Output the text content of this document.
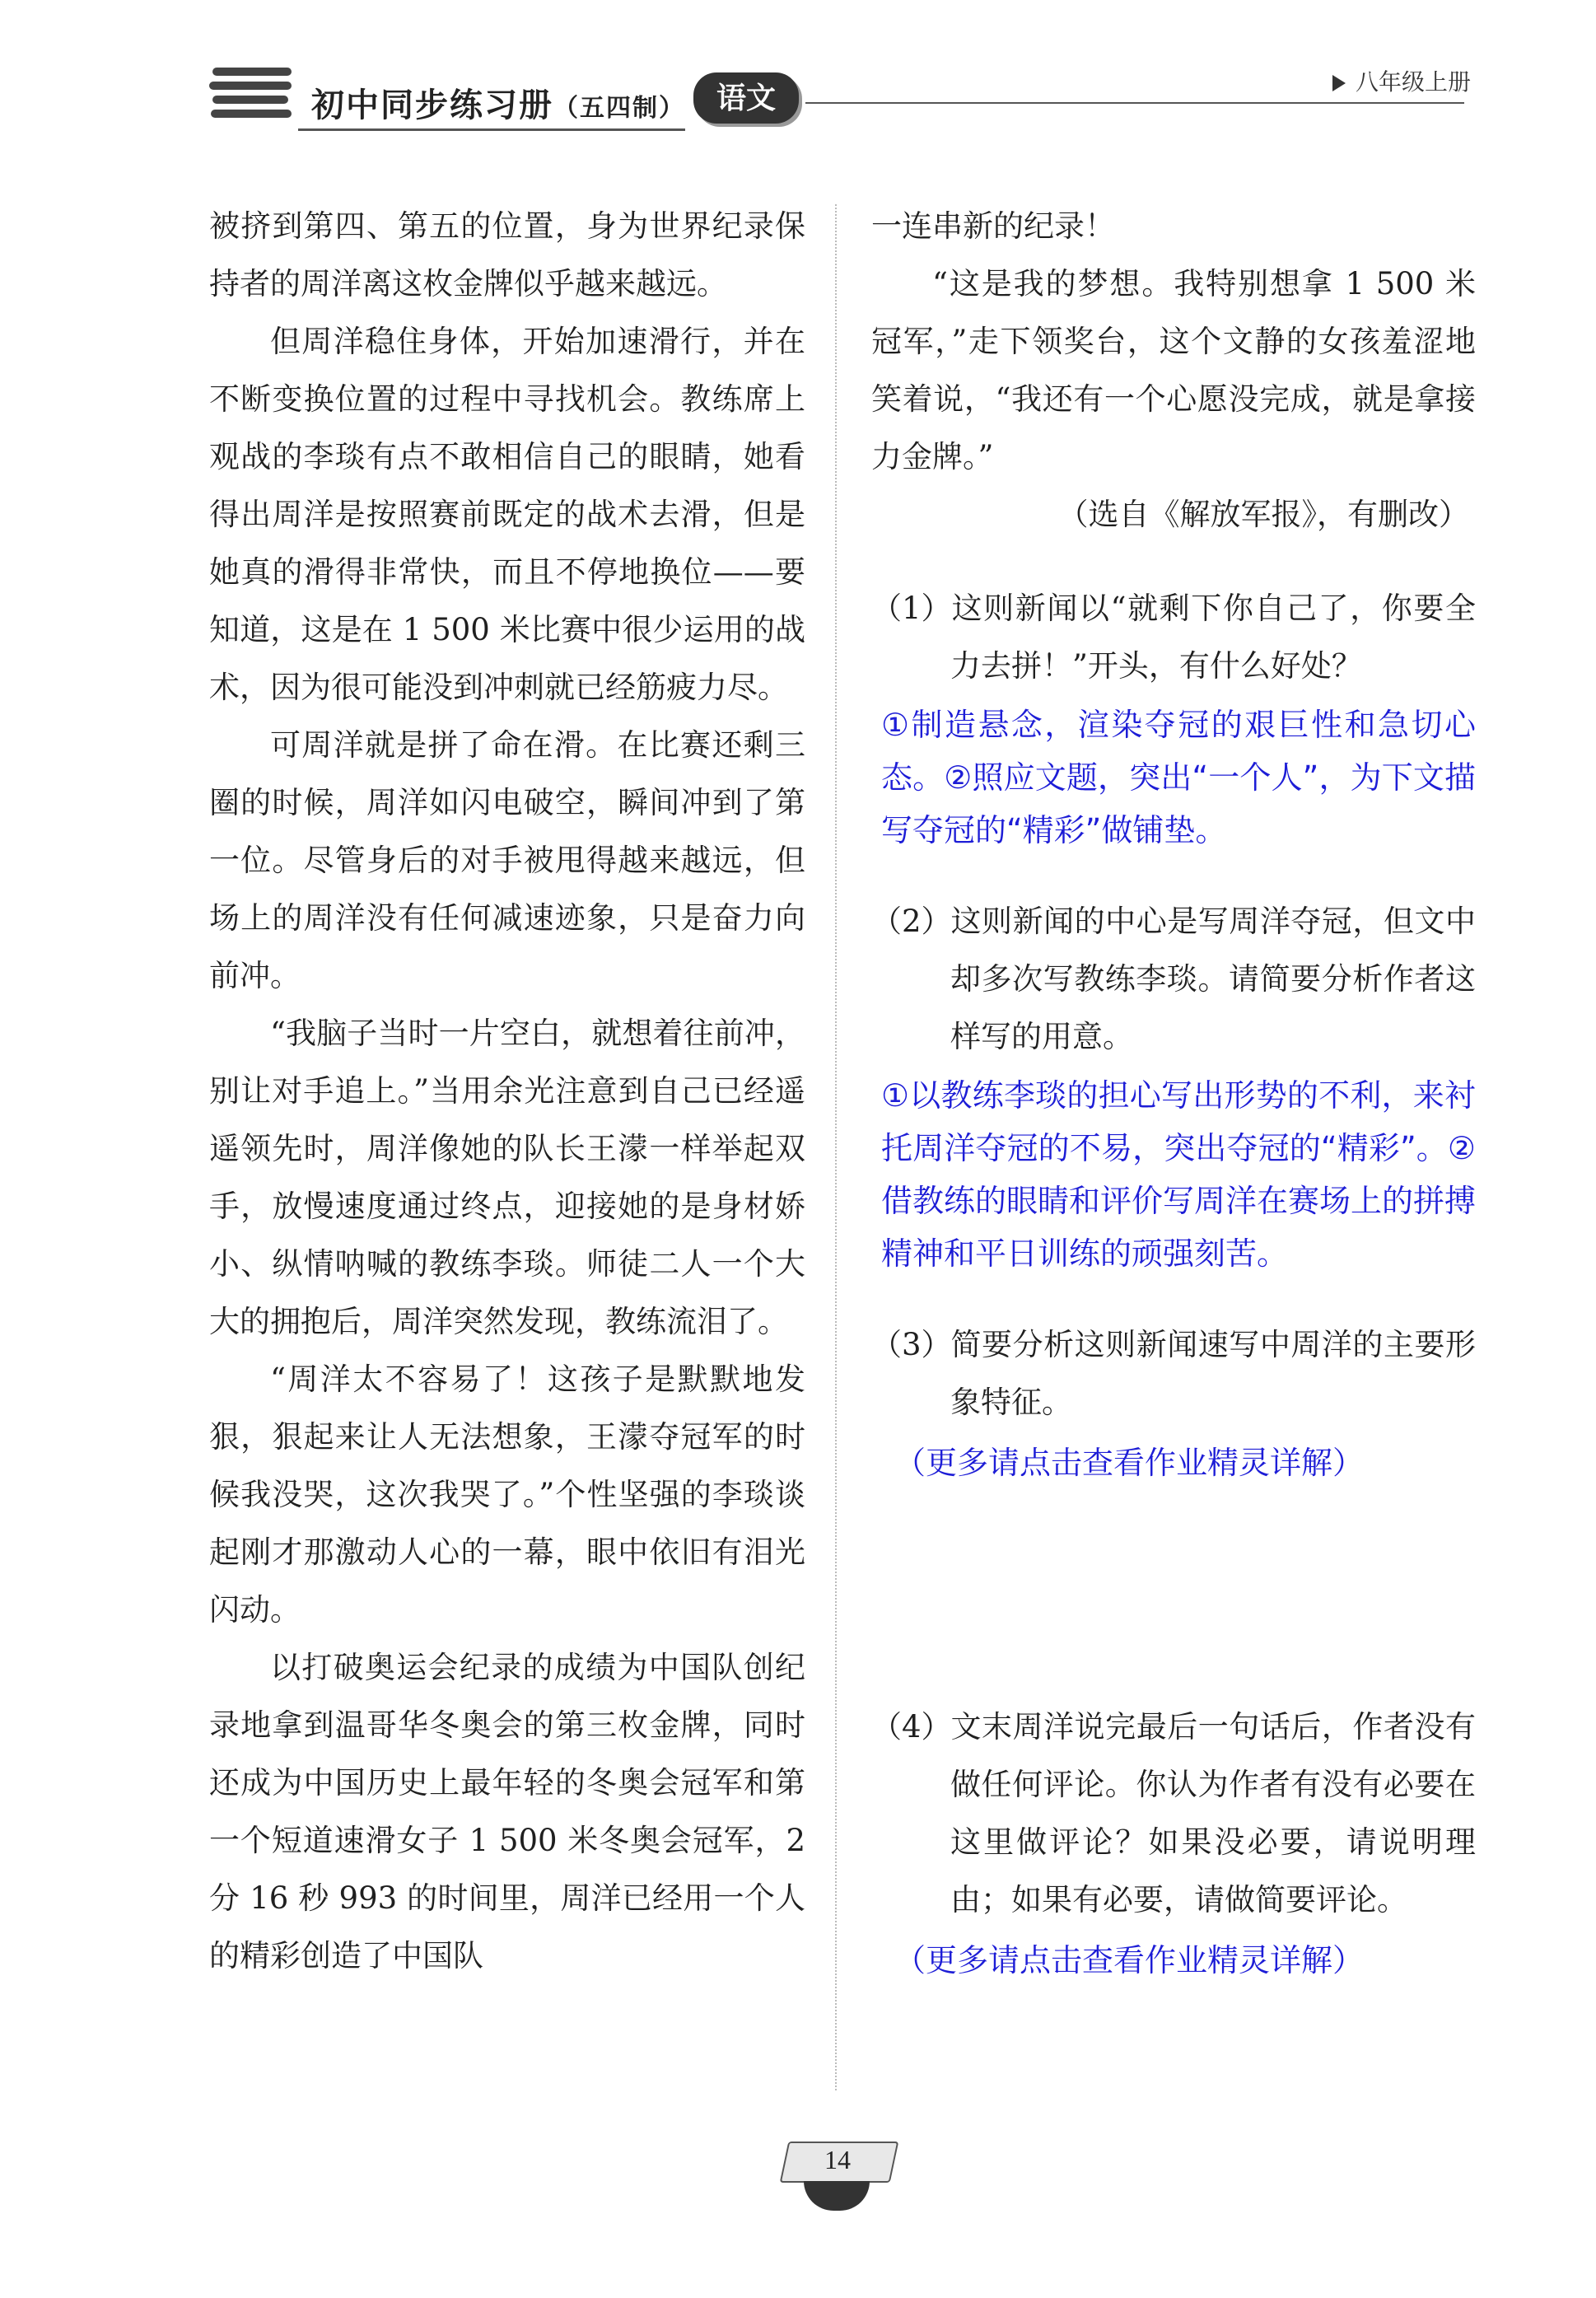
初中同步练习册（五四制）	语文	八年级上册

被挤到第四、第五的位置，身为世界纪录保持者的周洋离这枚金牌似乎越来越远。

但周洋稳住身体，开始加速滑行，并在不断变换位置的过程中寻找机会。教练席上观战的李琰有点不敢相信自己的眼睛，她看得出周洋是按照赛前既定的战术去滑，但是她真的滑得非常快，而且不停地换位——要知道，这是在 1 500 米比赛中很少运用的战术，因为很可能没到冲刺就已经筋疲力尽。

可周洋就是拼了命在滑。在比赛还剩三圈的时候，周洋如闪电破空，瞬间冲到了第一位。尽管身后的对手被甩得越来越远，但场上的周洋没有任何减速迹象，只是奋力向前冲。

“我脑子当时一片空白，就想着往前冲，别让对手追上。”当用余光注意到自己已经遥遥领先时，周洋像她的队长王濛一样举起双手，放慢速度通过终点，迎接她的是身材娇小、纵情呐喊的教练李琰。师徒二人一个大大的拥抱后，周洋突然发现，教练流泪了。

“周洋太不容易了！这孩子是默默地发狠，狠起来让人无法想象，王濛夺冠军的时候我没哭，这次我哭了。”个性坚强的李琰谈起刚才那激动人心的一幕，眼中依旧有泪光闪动。

以打破奥运会纪录的成绩为中国队创纪录地拿到温哥华冬奥会的第三枚金牌，同时还成为中国历史上最年轻的冬奥会冠军和第一个短道速滑女子 1 500 米冬奥会冠军，2 分 16 秒 993 的时间里，周洋已经用一个人的精彩创造了中国队

一连串新的纪录！

“这是我的梦想。我特别想拿 1 500 米冠军，”走下领奖台，这个文静的女孩羞涩地笑着说，“我还有一个心愿没完成，就是拿接力金牌。”

（选自《解放军报》，有删改）

（1）这则新闻以“就剩下你自己了，你要全力去拼！”开头，有什么好处？

①制造悬念，渲染夺冠的艰巨性和急切心态。②照应文题，突出“一个人”，为下文描写夺冠的“精彩”做铺垫。

（2）这则新闻的中心是写周洋夺冠，但文中却多次写教练李琰。请简要分析作者这样写的用意。

①以教练李琰的担心写出形势的不利，来衬托周洋夺冠的不易，突出夺冠的“精彩”。②借教练的眼睛和评价写周洋在赛场上的拼搏精神和平日训练的顽强刻苦。

（3）简要分析这则新闻速写中周洋的主要形象特征。

（更多请点击查看作业精灵详解）

（4）文末周洋说完最后一句话后，作者没有做任何评论。你认为作者有没有必要在这里做评论？如果没必要，请说明理由；如果有必要，请做简要评论。

（更多请点击查看作业精灵详解）

14
